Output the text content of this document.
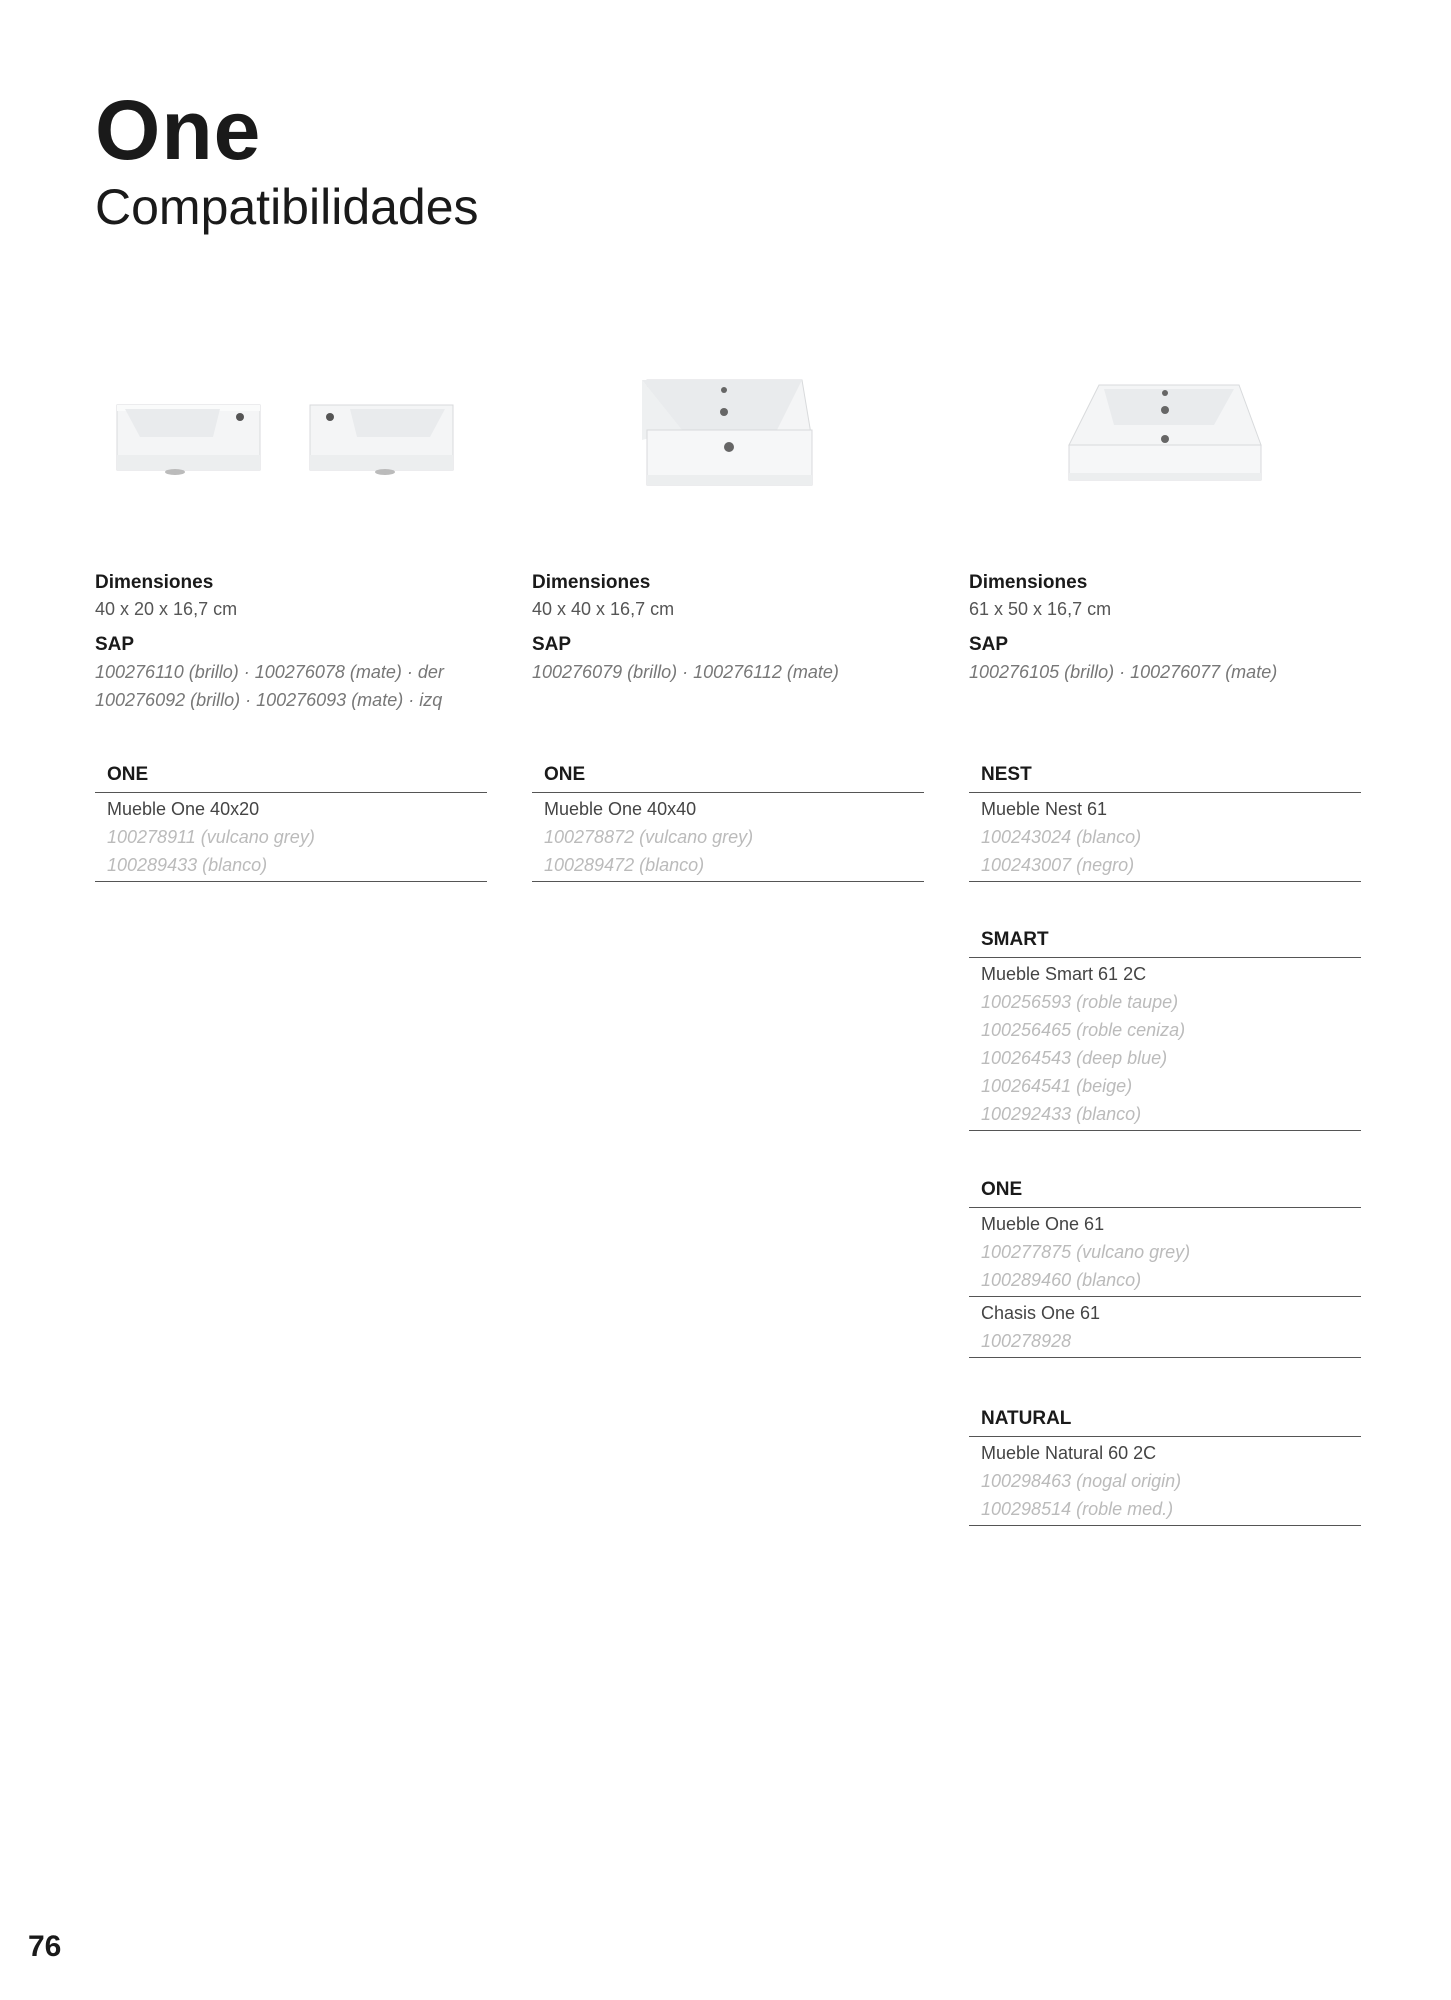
One
Compatibilidades
Dimensiones
40 x 20 x 16,7 cm
SAP
100276110 (brillo) · 100276078 (mate) · der
100276092 (brillo) · 100276093 (mate) · izq
ONE
Mueble One 40x20
100278911 (vulcano grey)
100289433 (blanco)
Dimensiones
40 x 40 x 16,7 cm
SAP
100276079 (brillo) · 100276112 (mate)
ONE
Mueble One 40x40
100278872 (vulcano grey)
100289472 (blanco)
Dimensiones
61 x 50 x 16,7 cm
SAP
100276105 (brillo) · 100276077 (mate)
NEST
Mueble Nest 61
100243024 (blanco)
100243007 (negro)
SMART
Mueble Smart 61 2C
100256593 (roble taupe)
100256465 (roble ceniza)
100264543 (deep blue)
100264541 (beige)
100292433 (blanco)
ONE
Mueble One 61
100277875 (vulcano grey)
100289460 (blanco)
Chasis One 61
100278928
NATURAL
Mueble Natural 60 2C
100298463 (nogal origin)
100298514 (roble med.)
76
